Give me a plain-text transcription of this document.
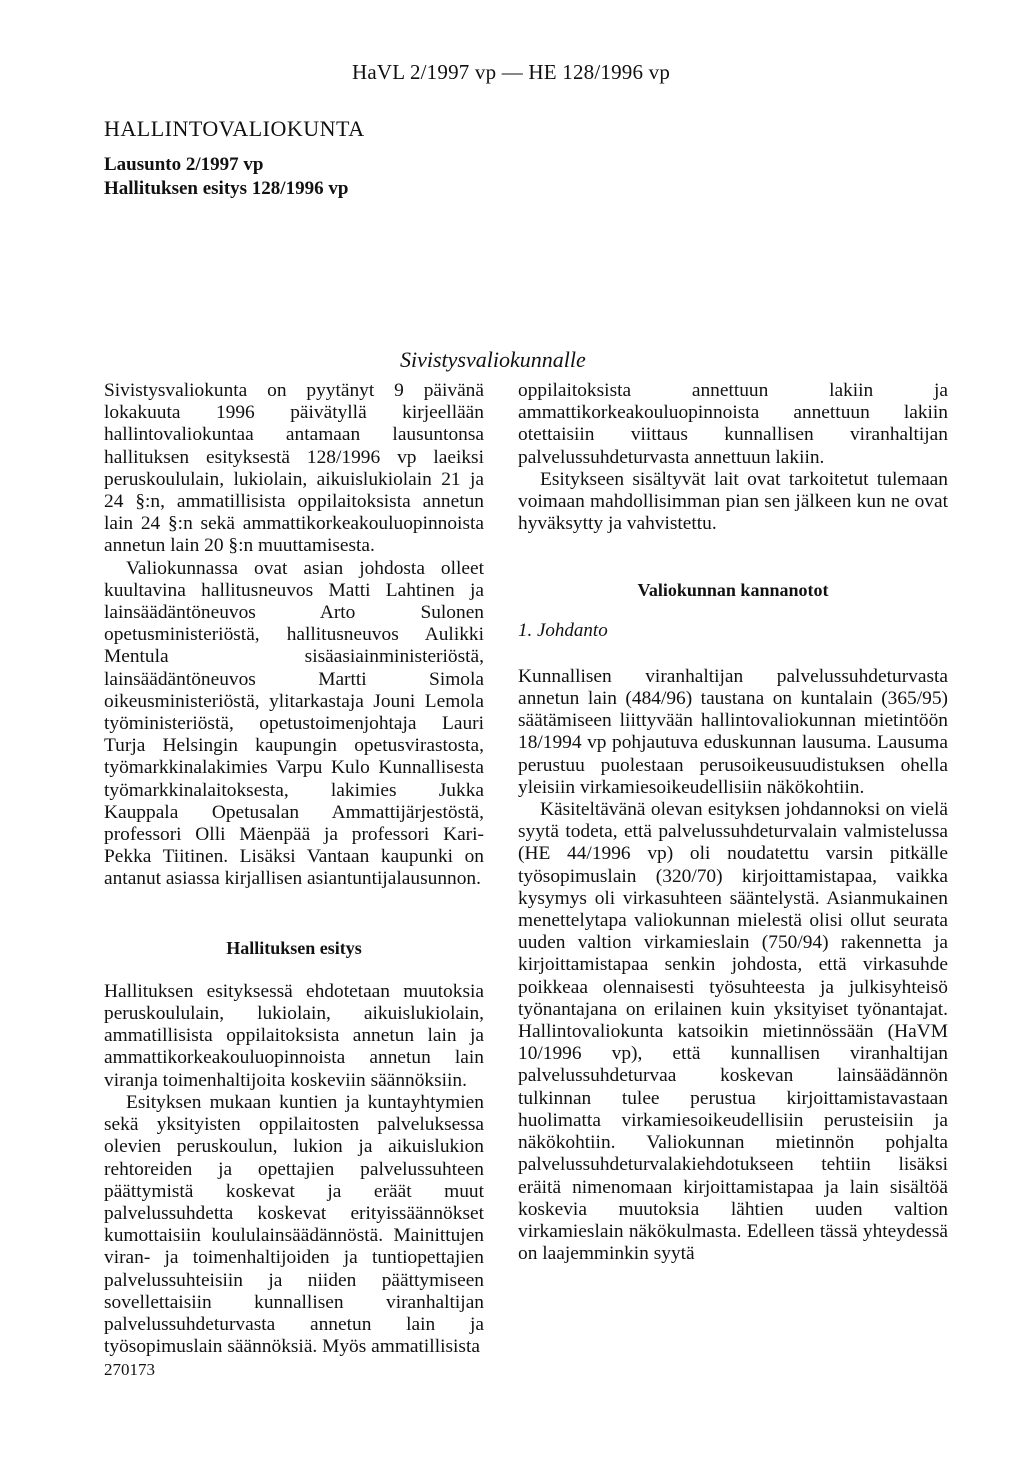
HaVL 2/1997 vp — HE 128/1996 vp
HALLINTOVALIOKUNTA
Lausunto 2/1997 vp
Hallituksen esitys 128/1996 vp
Sivistysvaliokunnalle

Sivistysvaliokunta on pyytänyt 9 päivänä lokakuuta 1996 päivätyllä kirjeellään hallintovaliokuntaa antamaan lausuntonsa hallituksen esityksestä 128/1996 vp laeiksi peruskoululain, lukiolain, aikuislukiolain 21 ja 24 §:n, ammatillisista oppilaitoksista annetun lain 24 §:n sekä ammattikorkeakouluopinnoista annetun lain 20 §:n muuttamisesta.

Valiokunnassa ovat asian johdosta olleet kuultavina hallitusneuvos Matti Lahtinen ja lainsäädäntöneuvos Arto Sulonen opetusministeriöstä, hallitusneuvos Aulikki Mentula sisäasiainministeriöstä, lainsäädäntöneuvos Martti Simola oikeusministeriöstä, ylitarkastaja Jouni Lemola työministeriöstä, opetustoimenjohtaja Lauri Turja Helsingin kaupungin opetusvirastosta, työmarkkinalakimies Varpu Kulo Kunnallisesta työmarkkinalaitoksesta, lakimies Jukka Kauppala Opetusalan Ammattijärjestöstä, professori Olli Mäenpää ja professori Kari-Pekka Tiitinen. Lisäksi Vantaan kaupunki on antanut asiassa kirjallisen asiantuntijalausunnon.

Hallituksen esitys

Hallituksen esityksessä ehdotetaan muutoksia peruskoululain, lukiolain, aikuislukiolain, ammatillisista oppilaitoksista annetun lain ja ammattikorkeakouluopinnoista annetun lain viranja toimenhaltijoita koskeviin säännöksiin.

Esityksen mukaan kuntien ja kuntayhtymien sekä yksityisten oppilaitosten palveluksessa olevien peruskoulun, lukion ja aikuislukion rehtoreiden ja opettajien palvelussuhteen päättymistä koskevat ja eräät muut palvelussuhdetta koskevat erityissäännökset kumottaisiin koululainsäädännöstä. Mainittujen viran- ja toimenhaltijoiden ja tuntiopettajien palvelussuhteisiin ja niiden päättymiseen sovellettaisiin kunnallisen viranhaltijan palvelussuhdeturvasta annetun lain ja työsopimuslain säännöksiä. Myös ammatillisista

oppilaitoksista annettuun lakiin ja ammattikorkeakouluopinnoista annettuun lakiin otettaisiin viittaus kunnallisen viranhaltijan palvelussuhdeturvasta annettuun lakiin.

Esitykseen sisältyvät lait ovat tarkoitetut tulemaan voimaan mahdollisimman pian sen jälkeen kun ne ovat hyväksytty ja vahvistettu.

Valiokunnan kannanotot
1. Johdanto

Kunnallisen viranhaltijan palvelussuhdeturvasta annetun lain (484/96) taustana on kuntalain (365/95) säätämiseen liittyvään hallintovaliokunnan mietintöön 18/1994 vp pohjautuva eduskunnan lausuma. Lausuma perustuu puolestaan perusoikeusuudistuksen ohella yleisiin virkamiesoikeudellisiin näkökohtiin.

Käsiteltävänä olevan esityksen johdannoksi on vielä syytä todeta, että palvelussuhdeturvalain valmistelussa (HE 44/1996 vp) oli noudatettu varsin pitkälle työsopimuslain (320/70) kirjoittamistapaa, vaikka kysymys oli virkasuhteen sääntelystä. Asianmukainen menettelytapa valiokunnan mielestä olisi ollut seurata uuden valtion virkamieslain (750/94) rakennetta ja kirjoittamistapaa senkin johdosta, että virkasuhde poikkeaa olennaisesti työsuhteesta ja julkisyhteisö työnantajana on erilainen kuin yksityiset työnantajat. Hallintovaliokunta katsoikin mietinnössään (HaVM 10/1996 vp), että kunnallisen viranhaltijan palvelussuhdeturvaa koskevan lainsäädännön tulkinnan tulee perustua kirjoittamistavastaan huolimatta virkamiesoikeudellisiin perusteisiin ja näkökohtiin. Valiokunnan mietinnön pohjalta palvelussuhdeturvalakiehdotukseen tehtiin lisäksi eräitä nimenomaan kirjoittamistapaa ja lain sisältöä koskevia muutoksia lähtien uuden valtion virkamieslain näkökulmasta. Edelleen tässä yhteydessä on laajemminkin syytä

270173
